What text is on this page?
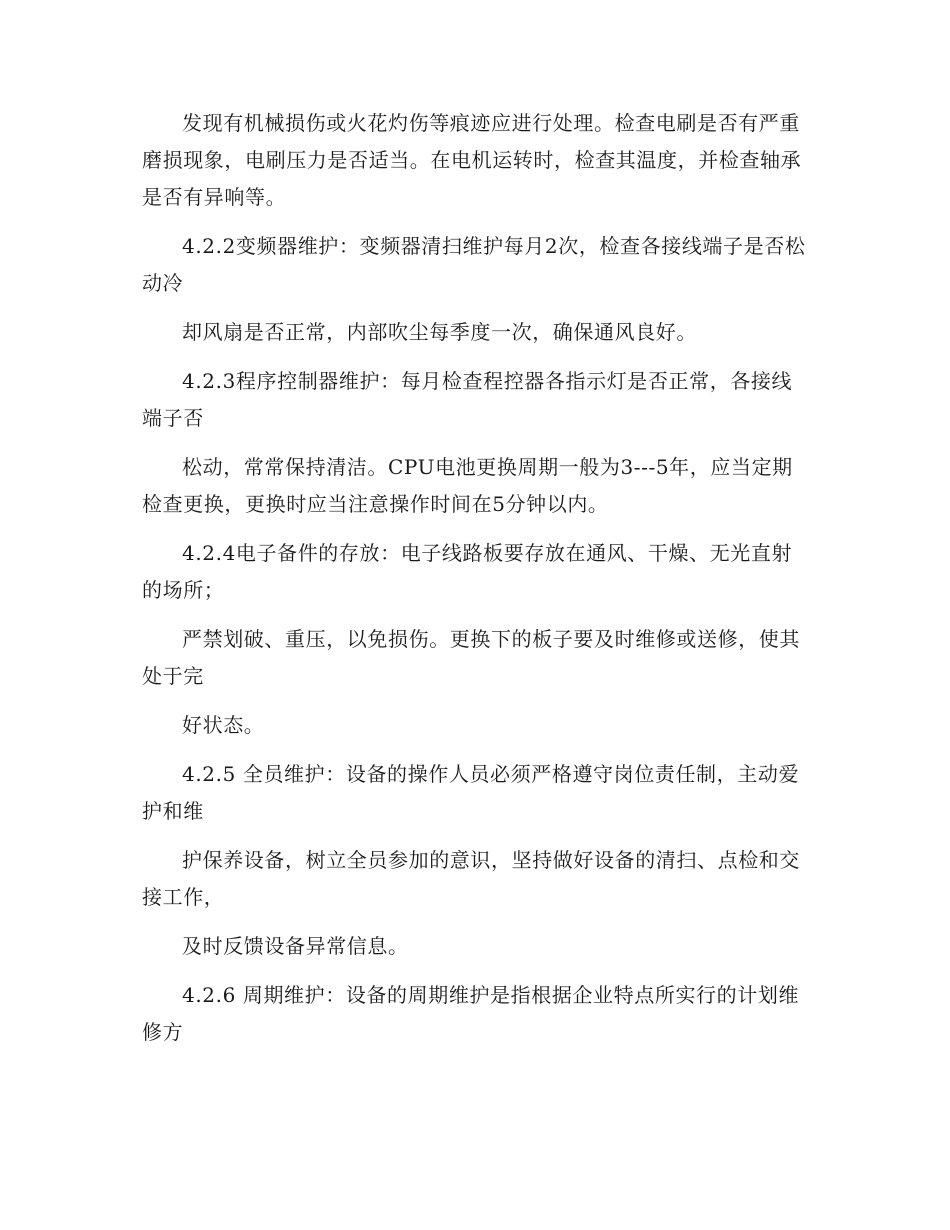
发现有机械损伤或火花灼伤等痕迹应进行处理。检查电刷是否有严重磨损现象，电刷压力是否适当。在电机运转时，检查其温度，并检查轴承是否有异响等。

4.2.2变频器维护：变频器清扫维护每月2次，检查各接线端子是否松动冷

却风扇是否正常，内部吹尘每季度一次，确保通风良好。

4.2.3程序控制器维护：每月检查程控器各指示灯是否正常，各接线端子否

松动，常常保持清洁。CPU电池更换周期一般为3---5年，应当定期检查更换，更换时应当注意操作时间在5分钟以内。

4.2.4电子备件的存放：电子线路板要存放在通风、干燥、无光直射的场所；

严禁划破、重压，以免损伤。更换下的板子要及时维修或送修，使其处于完

好状态。

4.2.5 全员维护：设备的操作人员必须严格遵守岗位责任制，主动爱护和维

护保养设备，树立全员参加的意识，坚持做好设备的清扫、点检和交接工作，

及时反馈设备异常信息。

4.2.6 周期维护：设备的周期维护是指根据企业特点所实行的计划维修方
